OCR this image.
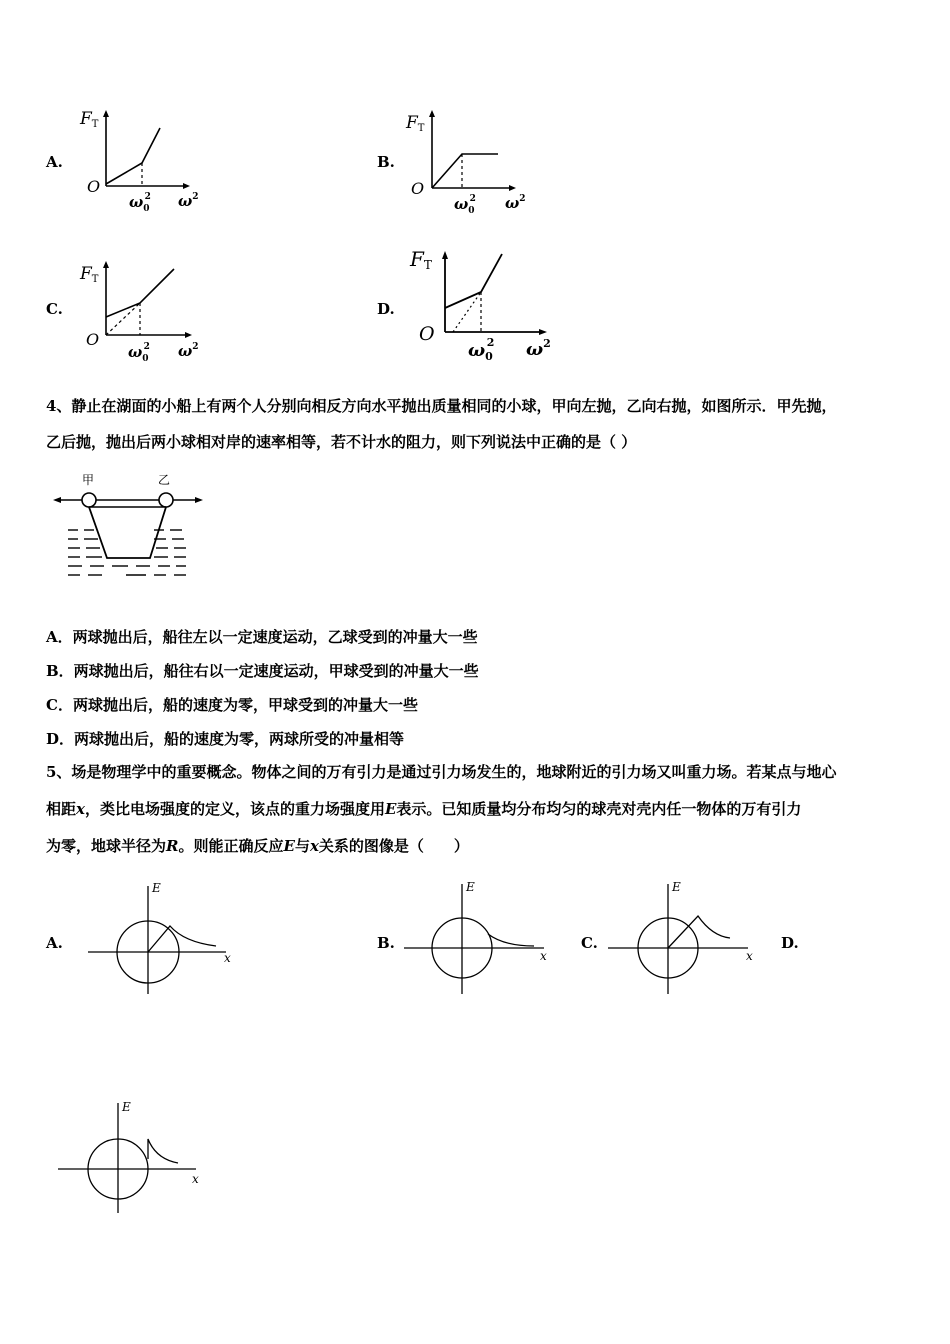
A.
FT
O
$\omega_02$ $\omega^2$
B.
FT
O
$\omega_02$ $\omega^2$
C.
FT
O
$\omega_02$ $\omega^2$
D.
FT
O
$\omega_02$ $\omega^2$
4、静止在湖面的小船上有两个人分别向相反方向水平抛出质量相同的小球，甲向左抛，乙向右抛，如图所示．甲先抛，
乙后抛，抛出后两小球相对岸的速率相等，若不计水的阻力，则下列说法中正确的是（ ）
甲	乙
A．两球抛出后，船往左以一定速度运动，乙球受到的冲量大一些
B．两球抛出后，船往右以一定速度运动，甲球受到的冲量大一些
C．两球抛出后，船的速度为零，甲球受到的冲量大一些
D．两球抛出后，船的速度为零，两球所受的冲量相等
5、场是物理学中的重要概念。物体之间的万有引力是通过引力场发生的，地球附近的引力场又叫重力场。若某点与地心
相距x，类比电场强度的定义，该点的重力场强度用E表示。已知质量均分布均匀的球壳对壳内任一物体的万有引力
为零，地球半径为R。则能正确反应E与x关系的图像是（　　）
A.
E
x
B.
E
x
C.
E
x
D.
E
x
